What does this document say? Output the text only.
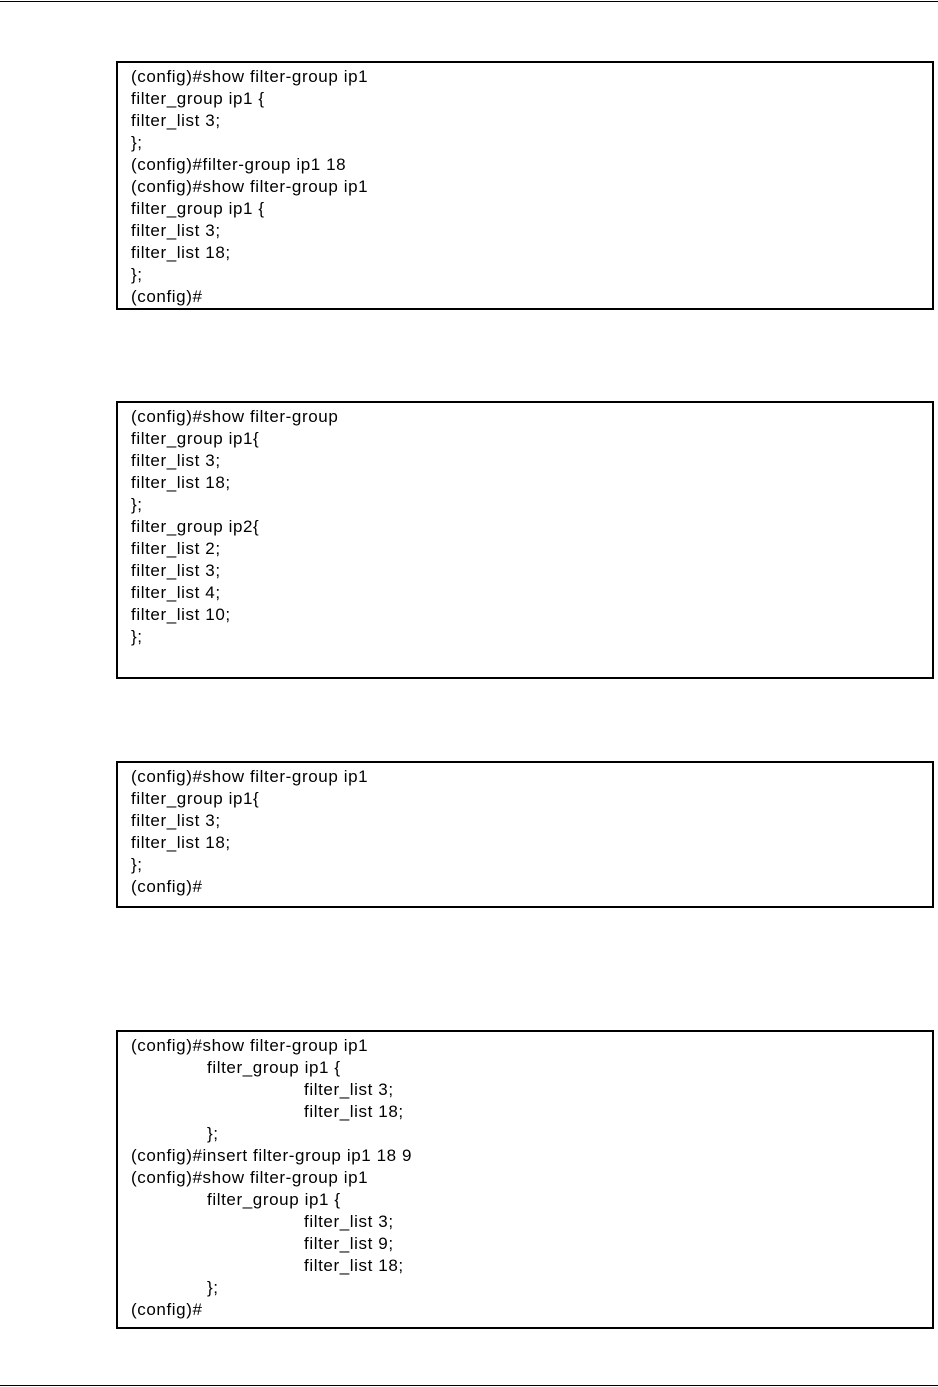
(config)#show filter-group ip1
filter_group ip1 {
filter_list 3;
};
(config)#filter-group ip1 18
(config)#show filter-group ip1
filter_group ip1 {
filter_list 3;
filter_list 18;
};
(config)#
(config)#show filter-group
filter_group ip1{
filter_list 3;
filter_list 18;
};
filter_group ip2{
filter_list 2;
filter_list 3;
filter_list 4;
filter_list 10;
};
(config)#show filter-group ip1
filter_group ip1{
filter_list 3;
filter_list 18;
};
(config)#
(config)#show filter-group ip1
filter_group ip1 {
filter_list 3;
filter_list 18;
};
(config)#insert filter-group ip1 18 9
(config)#show filter-group ip1
filter_group ip1 {
filter_list 3;
filter_list 9;
filter_list 18;
};
(config)#
